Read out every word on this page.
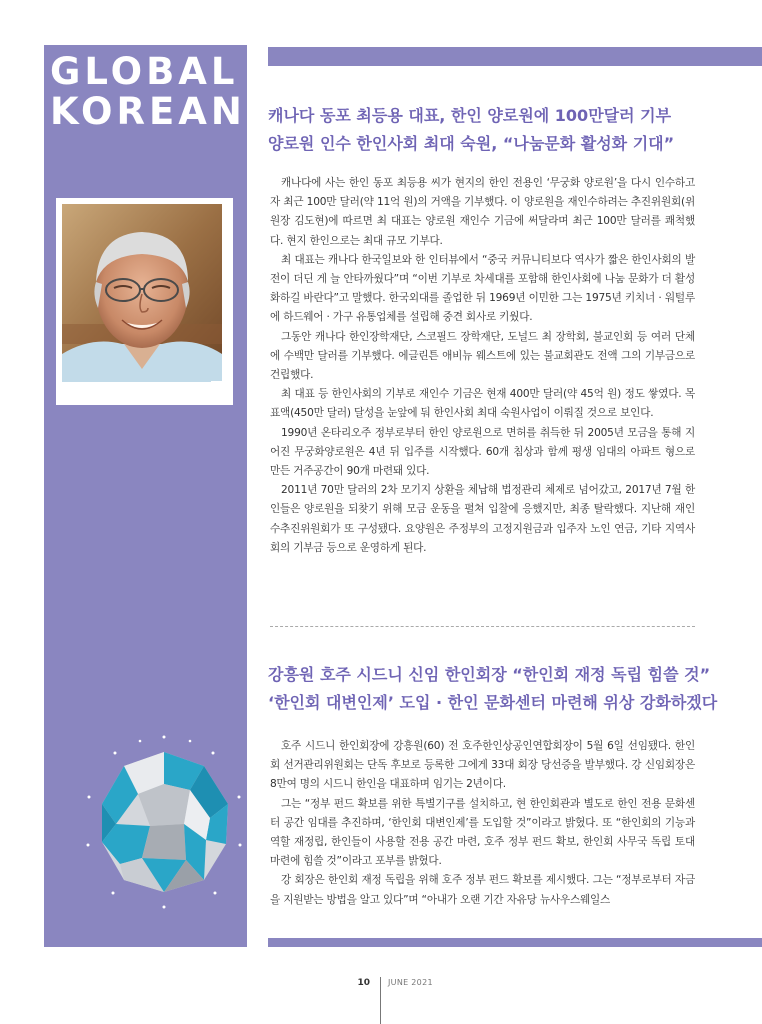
GLOBAL
KOREAN 캐나다 동포 최등용 대표, 한인 양로원에 100만달러 기부
양로원 인수 한인사회 최대 숙원, “나눔문화 활성화 기대”

캐나다에 사는 한인 동포 최등용 씨가 현지의 한인 전용인 ‘무궁화 양로원’을 다시 인수하고자 최근 100만 달러(약 11억 원)의 거액을 기부했다. 이 양로원을 재인수하려는 추진위원회(위원장 김도현)에 따르면 최 대표는 양로원 재인수 기금에 써달라며 최근 100만 달러를 쾌척했다. 현지 한인으로는 최대 규모 기부다.

최 대표는 캐나다 한국일보와 한 인터뷰에서 “중국 커뮤니티보다 역사가 짧은 한인사회의 발전이 더딘 게 늘 안타까웠다”며 “이번 기부로 차세대를 포함해 한인사회에 나눔 문화가 더 활성화하길 바란다”고 말했다. 한국외대를 졸업한 뒤 1969년 이민한 그는 1975년 키치너 · 워털루에 하드웨어 · 가구 유통업체를 설립해 중견 회사로 키웠다.

그동안 캐나다 한인장학재단, 스코필드 장학재단, 도널드 최 장학회, 불교인회 등 여러 단체에 수백만 달러를 기부했다. 에글린튼 애비뉴 웨스트에 있는 불교회관도 전액 그의 기부금으로 건립했다.

최 대표 등 한인사회의 기부로 재인수 기금은 현재 400만 달러(약 45억 원) 정도 쌓였다. 목표액(450만 달러) 달성을 눈앞에 둬 한인사회 최대 숙원사업이 이뤄질 것으로 보인다.

1990년 온타리오주 정부로부터 한인 양로원으로 면허를 취득한 뒤 2005년 모금을 통해 지어진 무궁화양로원은 4년 뒤 입주를 시작했다. 60개 침상과 함께 평생 임대의 아파트 형으로 만든 거주공간이 90개 마련돼 있다.

2011년 70만 달러의 2차 모기지 상환을 체납해 법정관리 체제로 넘어갔고, 2017년 7월 한인들은 양로원을 되찾기 위해 모금 운동을 펼쳐 입찰에 응했지만, 최종 탈락했다. 지난해 재인수추진위원회가 또 구성됐다. 요양원은 주정부의 고정지원금과 입주자 노인 연금, 기타 지역사회의 기부금 등으로 운영하게 된다.

강흥원 호주 시드니 신임 한인회장 “한인회 재정 독립 힘쓸 것”
‘한인회 대변인제’ 도입 · 한인 문화센터 마련해 위상 강화하겠다

호주 시드니 한인회장에 강흥원(60) 전 호주한인상공인연합회장이 5월 6일 선임됐다. 한인회 선거관리위원회는 단독 후보로 등록한 그에게 33대 회장 당선증을 발부했다. 강 신임회장은 8만여 명의 시드니 한인을 대표하며 임기는 2년이다.

그는 “정부 펀드 확보를 위한 특별기구를 설치하고, 현 한인회관과 별도로 한인 전용 문화센터 공간 임대를 추진하며, ‘한인회 대변인제’를 도입할 것”이라고 밝혔다. 또 “한인회의 기능과 역할 재정립, 한인들이 사용할 전용 공간 마련, 호주 정부 펀드 확보, 한인회 사무국 독립 토대 마련에 힘쓸 것”이라고 포부를 밝혔다.

강 회장은 한인회 재정 독립을 위해 호주 정부 펀드 확보를 제시했다. 그는 “정부로부터 자금을 지원받는 방법을 알고 있다”며 “아내가 오랜 기간 자유당 뉴사우스웨일스

10 JUNE 2021
